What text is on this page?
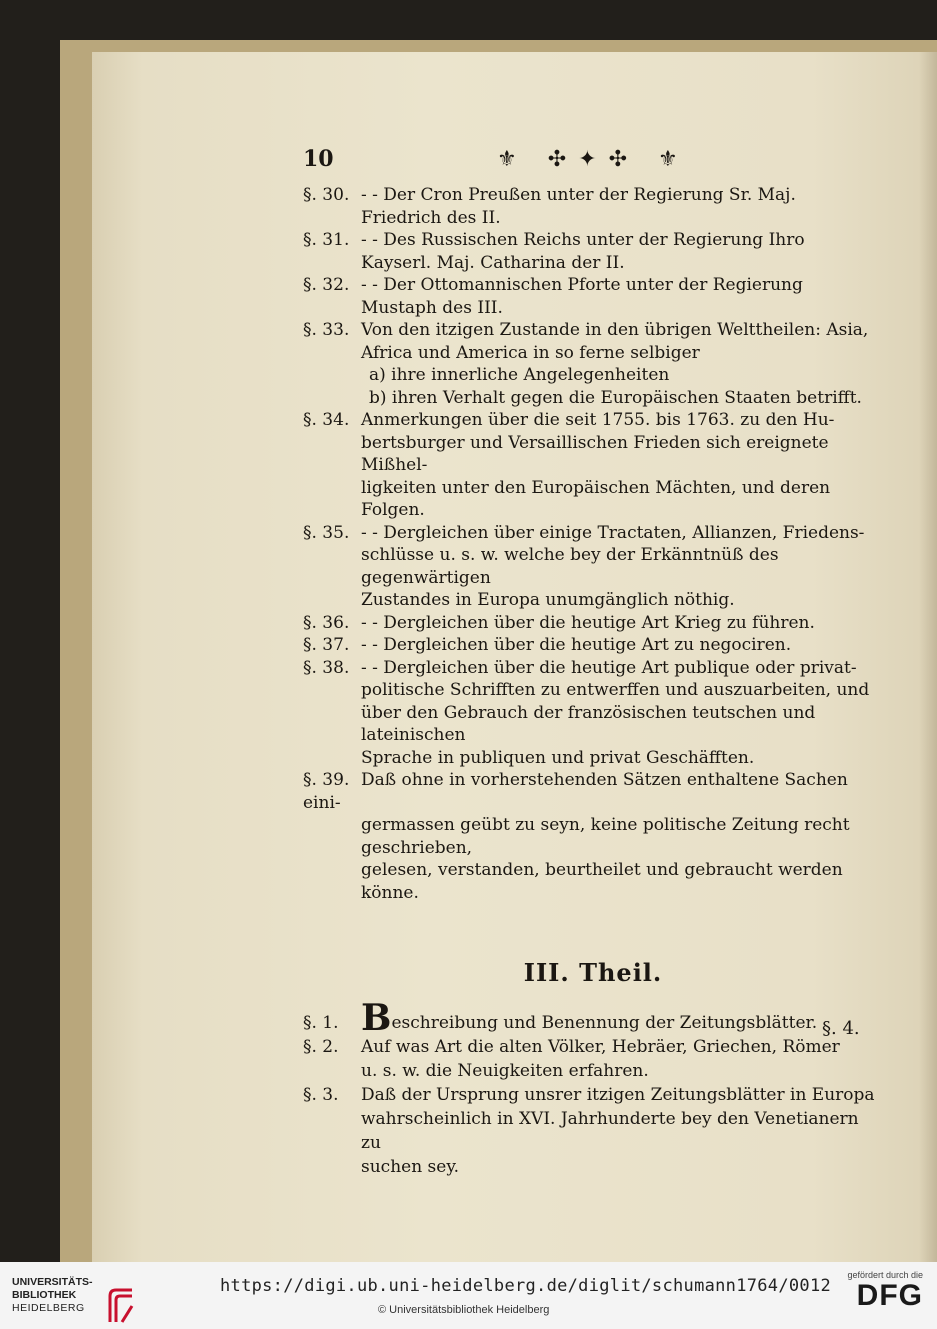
10	⚜ ✣✦✣ ⚜
§. 30. - - Der Cron Preußen unter der Regierung Sr. Maj.
Friedrich des II.
§. 31. - - Des Russischen Reichs unter der Regierung Ihro
Kayserl. Maj. Catharina der II.
§. 32. - - Der Ottomannischen Pforte unter der Regierung
Mustaph des III.
§. 33. Von den itzigen Zustande in den übrigen Welttheilen: Asia,
Africa und America in so ferne selbiger
a) ihre innerliche Angelegenheiten
b) ihren Verhalt gegen die Europäischen Staaten betrifft.
§. 34. Anmerkungen über die seit 1755. bis 1763. zu den Hu-
bertsburger und Versaillischen Frieden sich ereignete Mißhel-
ligkeiten unter den Europäischen Mächten, und deren Folgen.
§. 35. - - Dergleichen über einige Tractaten, Allianzen, Friedens-
schlüsse u. s. w. welche bey der Erkänntnüß des gegenwärtigen
Zustandes in Europa unumgänglich nöthig.
§. 36. - - Dergleichen über die heutige Art Krieg zu führen.
§. 37. - - Dergleichen über die heutige Art zu negociren.
§. 38. - - Dergleichen über die heutige Art publique oder privat-
politische Schrifften zu entwerffen und auszuarbeiten, und
über den Gebrauch der französischen teutschen und lateinischen
Sprache in publiquen und privat Geschäfften.
§. 39. Daß ohne in vorherstehenden Sätzen enthaltene Sachen eini-
germassen geübt zu seyn, keine politische Zeitung recht geschrieben,
gelesen, verstanden, beurtheilet und gebraucht werden könne.
III. Theil.
§. 1. Beschreibung und Benennung der Zeitungsblätter.
§. 2. Auf was Art die alten Völker, Hebräer, Griechen, Römer
u. s. w. die Neuigkeiten erfahren.
§. 3. Daß der Ursprung unsrer itzigen Zeitungsblätter in Europa
wahrscheinlich in XVI. Jahrhunderte bey den Venetianern zu
suchen sey.
§. 4.
UNIVERSITÄTS-
BIBLIOTHEK
HEIDELBERG
https://digi.ub.uni-heidelberg.de/diglit/schumann1764/0012
© Universitätsbibliothek Heidelberg
gefördert durch die
DFG
